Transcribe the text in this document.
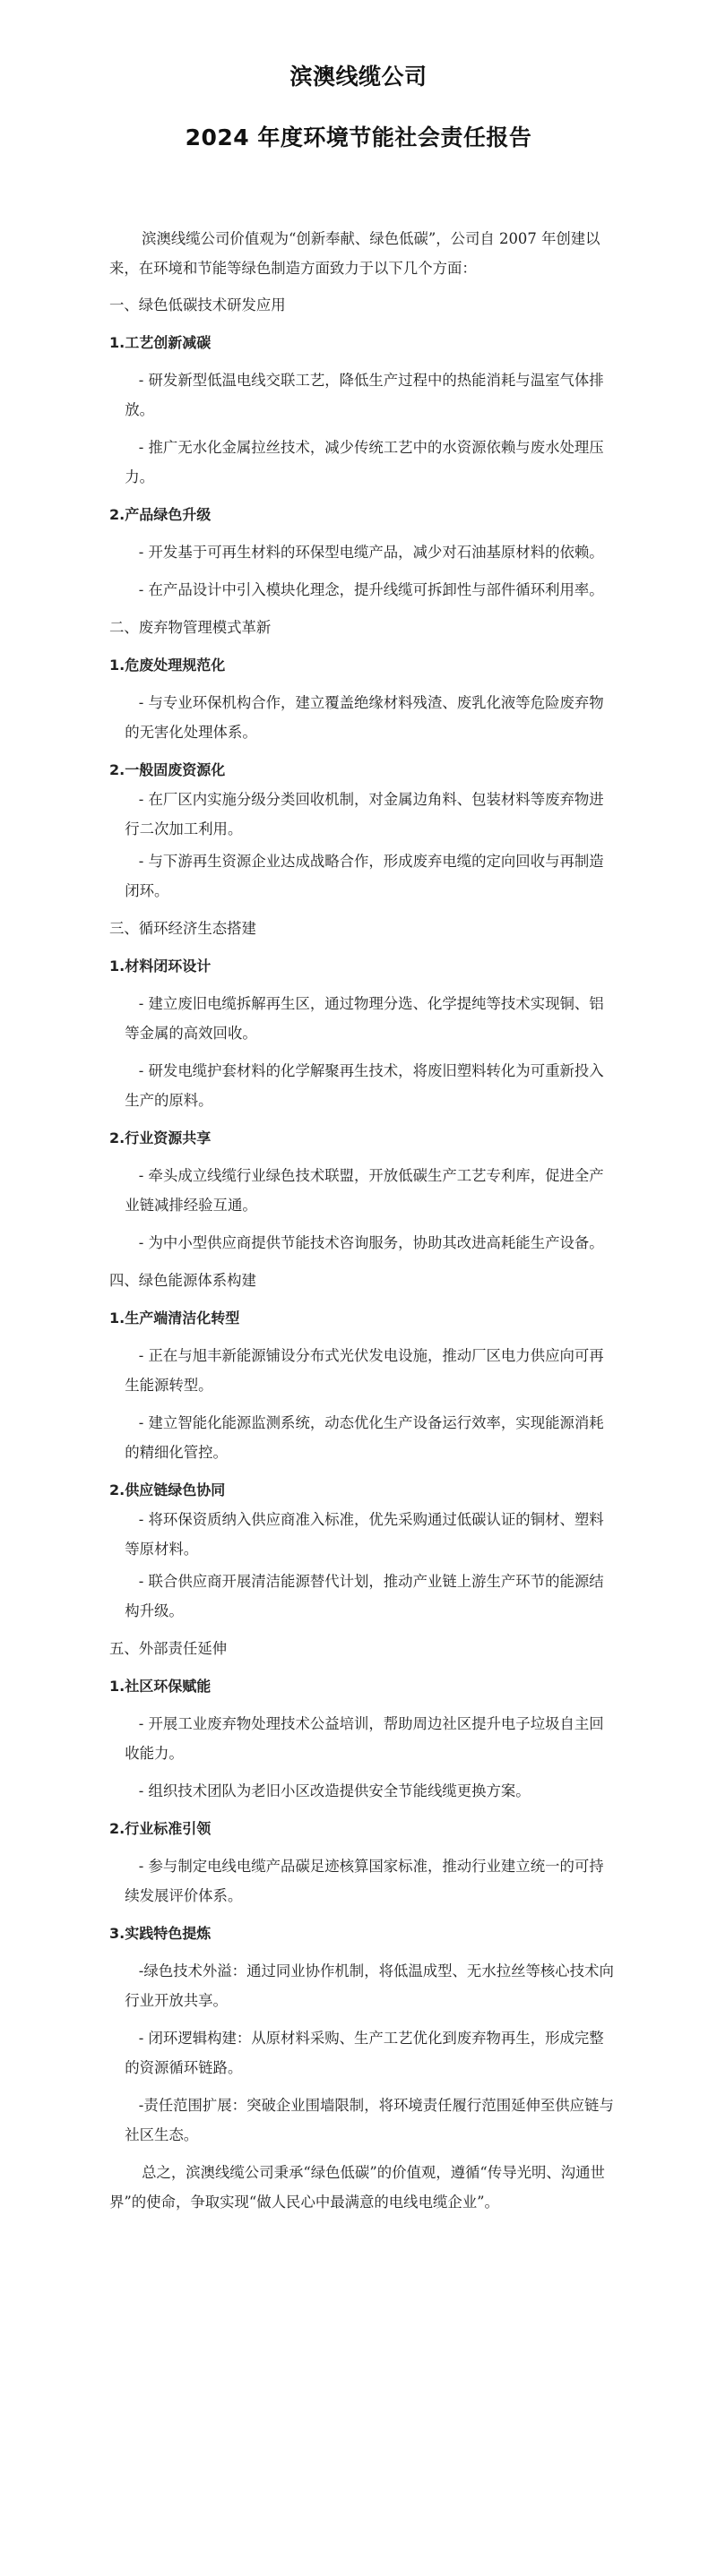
滨澳线缆公司
2024 年度环境节能社会责任报告

滨澳线缆公司价值观为“创新奉献、绿色低碳”，公司自 2007 年创建以来，在环境和节能等绿色制造方面致力于以下几个方面：

一、绿色低碳技术研发应用

1.工艺创新减碳

- 研发新型低温电线交联工艺，降低生产过程中的热能消耗与温室气体排放。

- 推广无水化金属拉丝技术，减少传统工艺中的水资源依赖与废水处理压力。

2.产品绿色升级

- 开发基于可再生材料的环保型电缆产品，减少对石油基原材料的依赖。

- 在产品设计中引入模块化理念，提升线缆可拆卸性与部件循环利用率。

二、废弃物管理模式革新

1.危废处理规范化

- 与专业环保机构合作，建立覆盖绝缘材料残渣、废乳化液等危险废弃物的无害化处理体系。

2.一般固废资源化

- 在厂区内实施分级分类回收机制，对金属边角料、包装材料等废弃物进行二次加工利用。

- 与下游再生资源企业达成战略合作，形成废弃电缆的定向回收与再制造闭环。

三、循环经济生态搭建

1.材料闭环设计

- 建立废旧电缆拆解再生区，通过物理分选、化学提纯等技术实现铜、铝等金属的高效回收。

- 研发电缆护套材料的化学解聚再生技术，将废旧塑料转化为可重新投入生产的原料。

2.行业资源共享

- 牵头成立线缆行业绿色技术联盟，开放低碳生产工艺专利库，促进全产业链减排经验互通。

- 为中小型供应商提供节能技术咨询服务，协助其改进高耗能生产设备。

四、绿色能源体系构建

1.生产端清洁化转型

- 正在与旭丰新能源铺设分布式光伏发电设施，推动厂区电力供应向可再生能源转型。

- 建立智能化能源监测系统，动态优化生产设备运行效率，实现能源消耗的精细化管控。

2.供应链绿色协同

- 将环保资质纳入供应商准入标准，优先采购通过低碳认证的铜材、塑料等原材料。

- 联合供应商开展清洁能源替代计划，推动产业链上游生产环节的能源结构升级。

五、外部责任延伸

1.社区环保赋能

- 开展工业废弃物处理技术公益培训，帮助周边社区提升电子垃圾自主回收能力。

- 组织技术团队为老旧小区改造提供安全节能线缆更换方案。

2.行业标准引领

- 参与制定电线电缆产品碳足迹核算国家标准，推动行业建立统一的可持续发展评价体系。

3.实践特色提炼

-绿色技术外溢：通过同业协作机制，将低温成型、无水拉丝等核心技术向行业开放共享。

- 闭环逻辑构建：从原材料采购、生产工艺优化到废弃物再生，形成完整的资源循环链路。

-责任范围扩展：突破企业围墙限制，将环境责任履行范围延伸至供应链与社区生态。

总之，滨澳线缆公司秉承“绿色低碳”的价值观，遵循“传导光明、沟通世界”的使命，争取实现“做人民心中最满意的电线电缆企业”。
